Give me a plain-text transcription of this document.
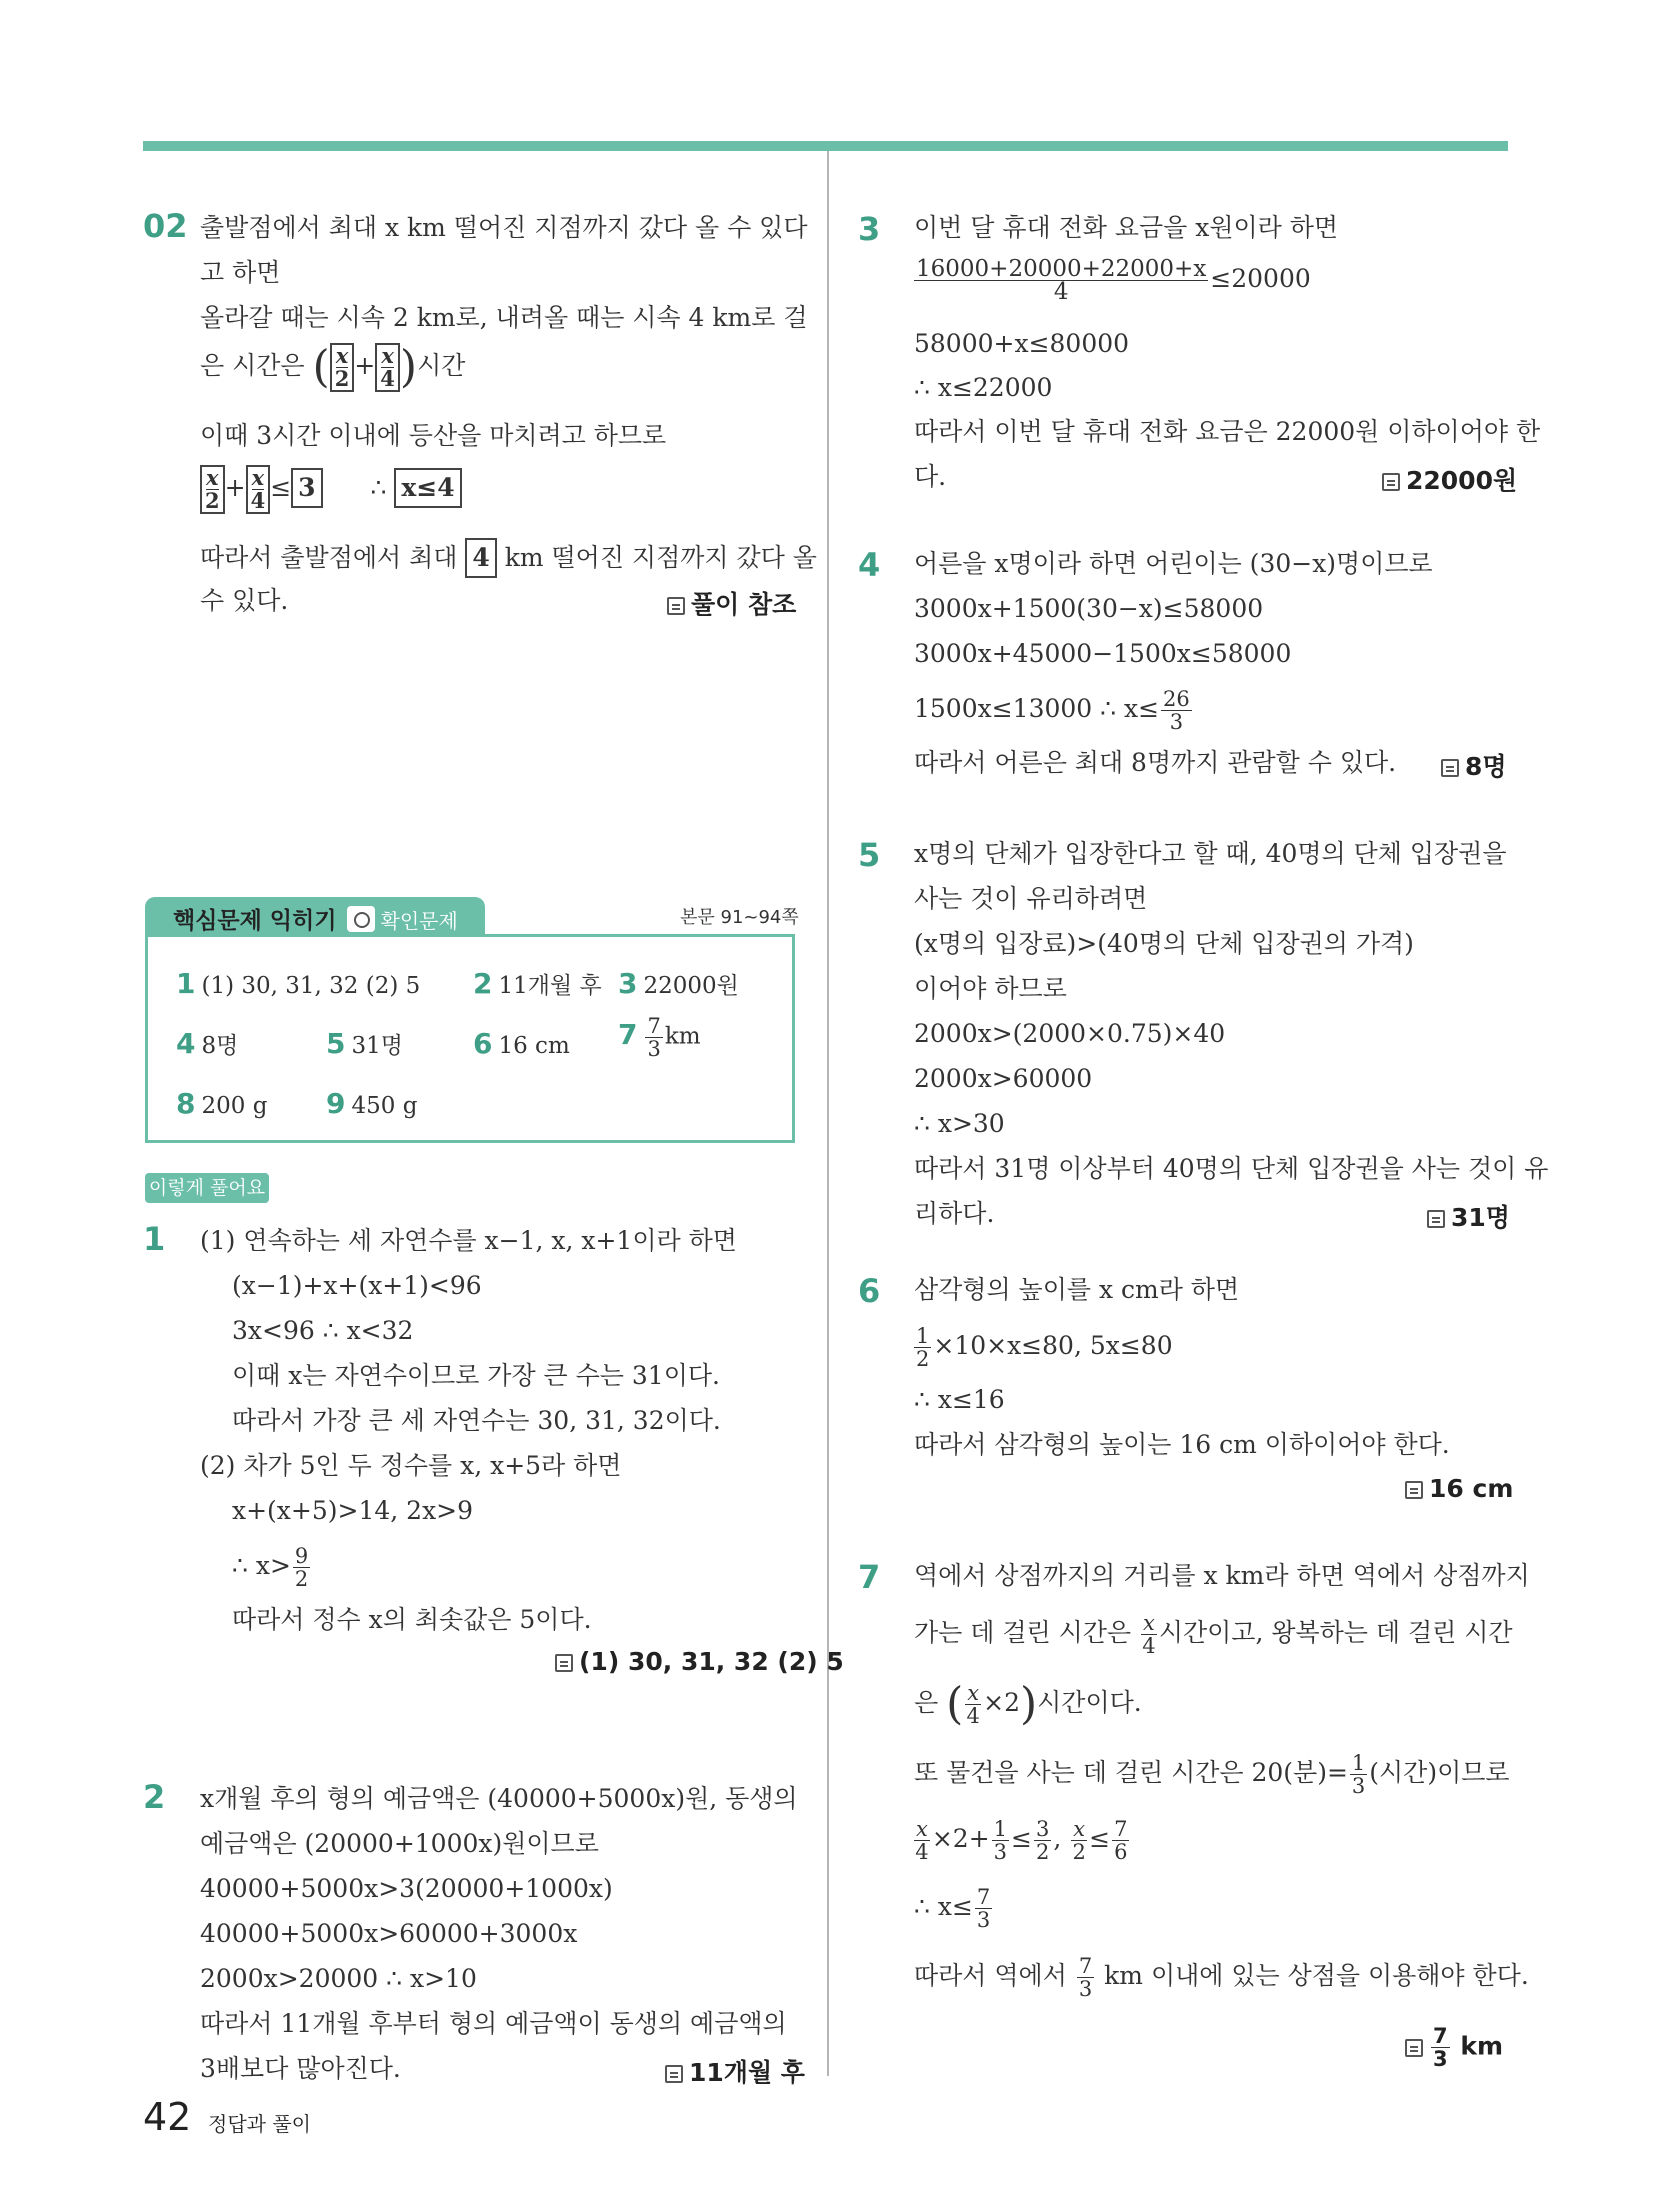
02 출발점에서 최대 x km 떨어진 지점까지 갔다 올 수 있다
고 하면
올라갈 때는 시속 2 km로, 내려올 때는 시속 4 km로 걸
은 시간은 ( $\frac{x}{2} + \frac{x}{4}$ )시간
이때 3시간 이내에 등산을 마치려고 하므로
$\frac{x}{2} + \frac{x}{4} \le 3$ ∴ x≤4
따라서 출발점에서 최대 4 km 떨어진 지점까지 갔다 올
수 있다.	풀이 참조
핵심문제 익히기 확인문제	본문 91~94쪽
1 (1) 30, 31, 32 (2) 5 2 11개월 후 3 22000원
4 8명	5 31명	6 16 cm $7 \frac{7}{3}$ km
8 200 g 9 450 g
이렇게 풀어요
1 (1) 연속하는 세 자연수를 x−1, x, x+1이라 하면
(x−1)+x+(x+1)<96
3x<96 ∴ x<32
이때 x는 자연수이므로 가장 큰 수는 31이다.
따라서 가장 큰 세 자연수는 30, 31, 32이다.
(2) 차가 5인 두 정수를 x, x+5라 하면
x+(x+5)>14, 2x>9
∴ $x> \frac{9}{2}$
따라서 정수 x의 최솟값은 5이다.
(1) 30, 31, 32 (2) 5
2 x개월 후의 형의 예금액은 (40000+5000x)원, 동생의
예금액은 (20000+1000x)원이므로
40000+5000x>3(20000+1000x)
40000+5000x>60000+3000x
2000x>20000 ∴ x>10
따라서 11개월 후부터 형의 예금액이 동생의 예금액의
3배보다 많아진다.	11개월 후
3 이번 달 휴대 전화 요금을 x원이라 하면
$\frac{16000+20000+22000+x}{4} \le 20000$
58000+x≤80000
∴ x≤22000
따라서 이번 달 휴대 전화 요금은 22000원 이하이어야 한
다.	22000원
4 어른을 x명이라 하면 어린이는 (30−x)명이므로
3000x+1500(30−x)≤58000
3000x+45000−1500x≤58000
1500x≤13000 ∴ $x\le \frac{26}{3}$
따라서 어른은 최대 8명까지 관람할 수 있다.	8명
5 x명의 단체가 입장한다고 할 때, 40명의 단체 입장권을
사는 것이 유리하려면
(x명의 입장료)>(40명의 단체 입장권의 가격)
이어야 하므로
2000x>(2000×0.75)×40
2000x>60000
∴ x>30
따라서 31명 이상부터 40명의 단체 입장권을 사는 것이 유
리하다.	31명
6 삼각형의 높이를 x cm라 하면
$\frac{1}{2} \times 10\times x\le 80$, 5x≤80
∴ x≤16
따라서 삼각형의 높이는 16 cm 이하이어야 한다.
16 cm
7 역에서 상점까지의 거리를 x km라 하면 역에서 상점까지
가는 데 걸린 시간은 $\frac{x}{4}$ 시간이고, 왕복하는 데 걸린 시간
은 ( $\frac{x}{4} \times 2$)시간이다.
또 물건을 사는 데 걸린 시간은 20(분)= $\frac{1}{3}$ (시간)이므로
$\frac{x}{4} \times 2+ \frac{1}{3} \le \frac{3}{2}$ , $\frac{x}{2} \le \frac{7}{6}$
∴ $x\le \frac{7}{3}$
따라서 역에서 $\frac{7}{3}$ km 이내에 있는 상점을 이용해야 한다.
$\frac{7}{3}$ km
42 정답과 풀이
